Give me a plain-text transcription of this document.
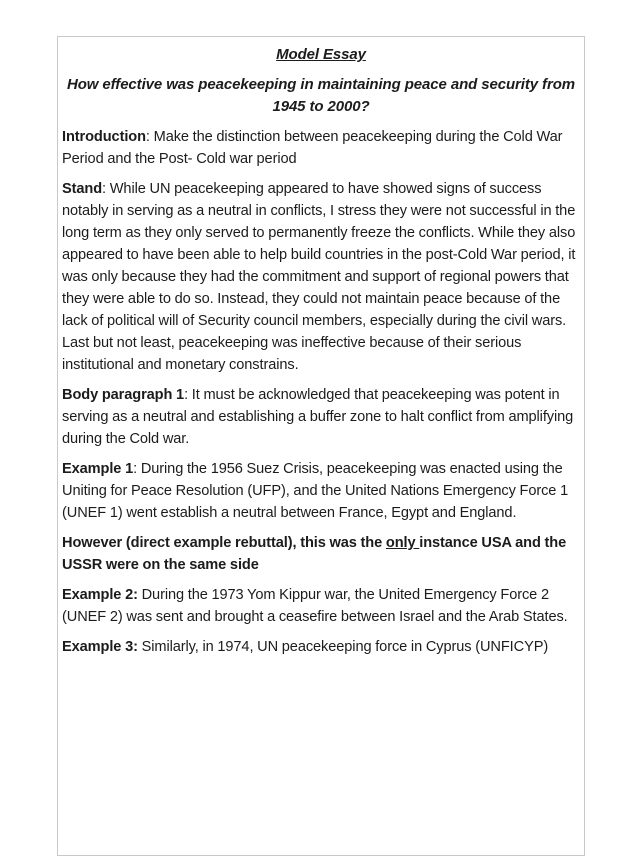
Model Essay
How effective was peacekeeping in maintaining peace and security from 1945 to 2000?

Introduction: Make the distinction between peacekeeping during the Cold War Period and the Post- Cold war period

Stand: While UN peacekeeping appeared to have showed signs of success notably in serving as a neutral in conflicts, I stress they were not successful in the long term as they only served to permanently freeze the conflicts. While they also appeared to have been able to help build countries in the post-Cold War period, it was only because they had the commitment and support of regional powers that they were able to do so. Instead, they could not maintain peace because of the lack of political will of Security council members, especially during the civil wars. Last but not least, peacekeeping was ineffective because of their serious institutional and monetary constrains.

Body paragraph 1: It must be acknowledged that peacekeeping was potent in serving as a neutral and establishing a buffer zone to halt conflict from amplifying during the Cold war.

Example 1: During the 1956 Suez Crisis, peacekeeping was enacted using the Uniting for Peace Resolution (UFP), and the United Nations Emergency Force 1 (UNEF 1) went establish a neutral between France, Egypt and England.

However (direct example rebuttal), this was the only instance USA and the USSR were on the same side

Example 2: During the 1973 Yom Kippur war, the United Emergency Force 2 (UNEF 2) was sent and brought a ceasefire between Israel and the Arab States.

Example 3: Similarly, in 1974, UN peacekeeping force in Cyprus (UNFICYP)
